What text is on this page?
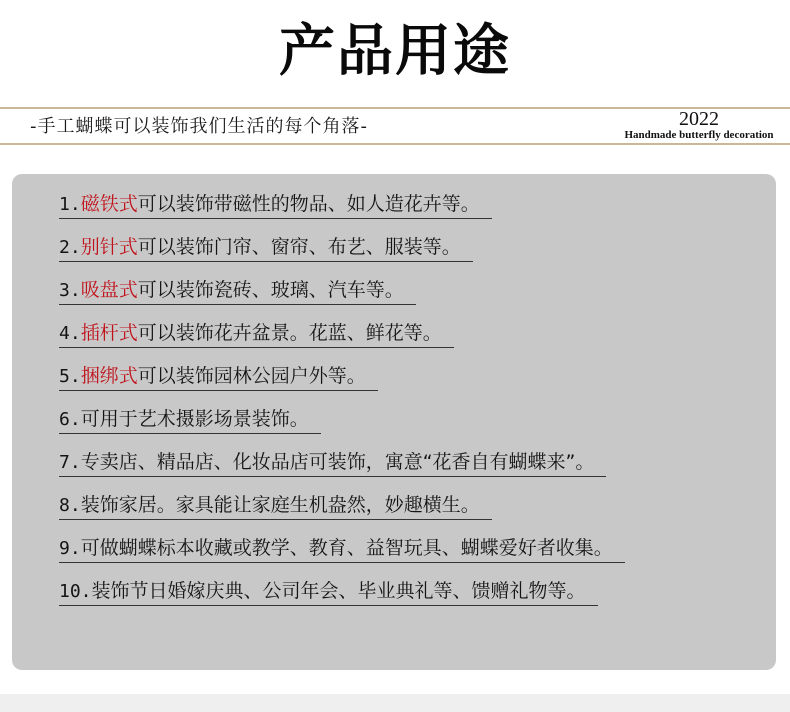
产品用途
-手工蝴蝶可以装饰我们生活的每个角落-	2022
Handmade butterfly decoration
1.磁铁式可以装饰带磁性的物品、如人造花卉等。
2.别针式可以装饰门帘、窗帘、布艺、服装等。
3.吸盘式可以装饰瓷砖、玻璃、汽车等。
4.插杆式可以装饰花卉盆景。花蓝、鲜花等。
5.捆绑式可以装饰园林公园户外等。
6.可用于艺术摄影场景装饰。
7.专卖店、精品店、化妆品店可装饰，寓意“花香自有蝴蝶来”。
8.装饰家居。家具能让家庭生机盎然，妙趣横生。
9.可做蝴蝶标本收藏或教学、教育、益智玩具、蝴蝶爱好者收集。
10.装饰节日婚嫁庆典、公司年会、毕业典礼等、馈赠礼物等。
